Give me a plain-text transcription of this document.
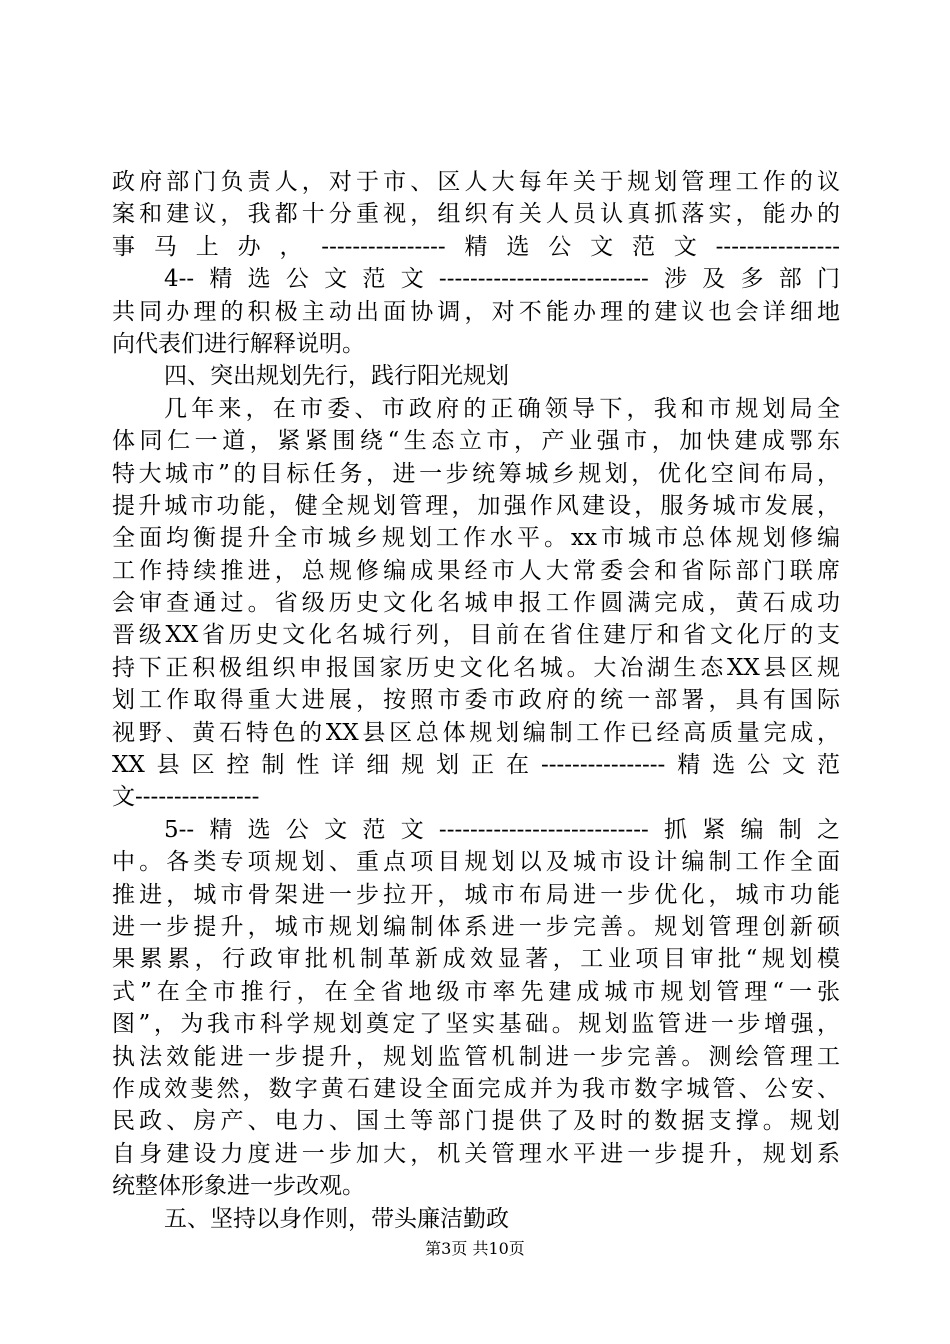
政府部门负责人，对于市、区人大每年关于规划管理工作的议
案和建议，我都十分重视，组织有关人员认真抓落实，能办的
事马上办，----------------精选公文范文----------------
4--精选公文范文---------------------------涉及多部门
共同办理的积极主动出面协调，对不能办理的建议也会详细地
向代表们进行解释说明。
四、突出规划先行，践行阳光规划
几年来，在市委、市政府的正确领导下，我和市规划局全
体同仁一道，紧紧围绕“生态立市，产业强市，加快建成鄂东
特大城市”的目标任务，进一步统筹城乡规划，优化空间布局，
提升城市功能，健全规划管理，加强作风建设，服务城市发展，
全面均衡提升全市城乡规划工作水平。xx市城市总体规划修编
工作持续推进，总规修编成果经市人大常委会和省际部门联席
会审查通过。省级历史文化名城申报工作圆满完成，黄石成功
晋级XX省历史文化名城行列，目前在省住建厅和省文化厅的支
持下正积极组织申报国家历史文化名城。大冶湖生态XX县区规
划工作取得重大进展，按照市委市政府的统一部署，具有国际
视野、黄石特色的XX县区总体规划编制工作已经高质量完成，
XX县区控制性详细规划正在----------------精选公文范
文----------------
5--精选公文范文---------------------------抓紧编制之
中。各类专项规划、重点项目规划以及城市设计编制工作全面
推进，城市骨架进一步拉开，城市布局进一步优化，城市功能
进一步提升，城市规划编制体系进一步完善。规划管理创新硕
果累累，行政审批机制革新成效显著，工业项目审批“规划模
式”在全市推行，在全省地级市率先建成城市规划管理“一张
图”，为我市科学规划奠定了坚实基础。规划监管进一步增强，
执法效能进一步提升，规划监管机制进一步完善。测绘管理工
作成效斐然，数字黄石建设全面完成并为我市数字城管、公安、
民政、房产、电力、国土等部门提供了及时的数据支撑。规划
自身建设力度进一步加大，机关管理水平进一步提升，规划系
统整体形象进一步改观。
五、坚持以身作则，带头廉洁勤政
第3页 共10页
